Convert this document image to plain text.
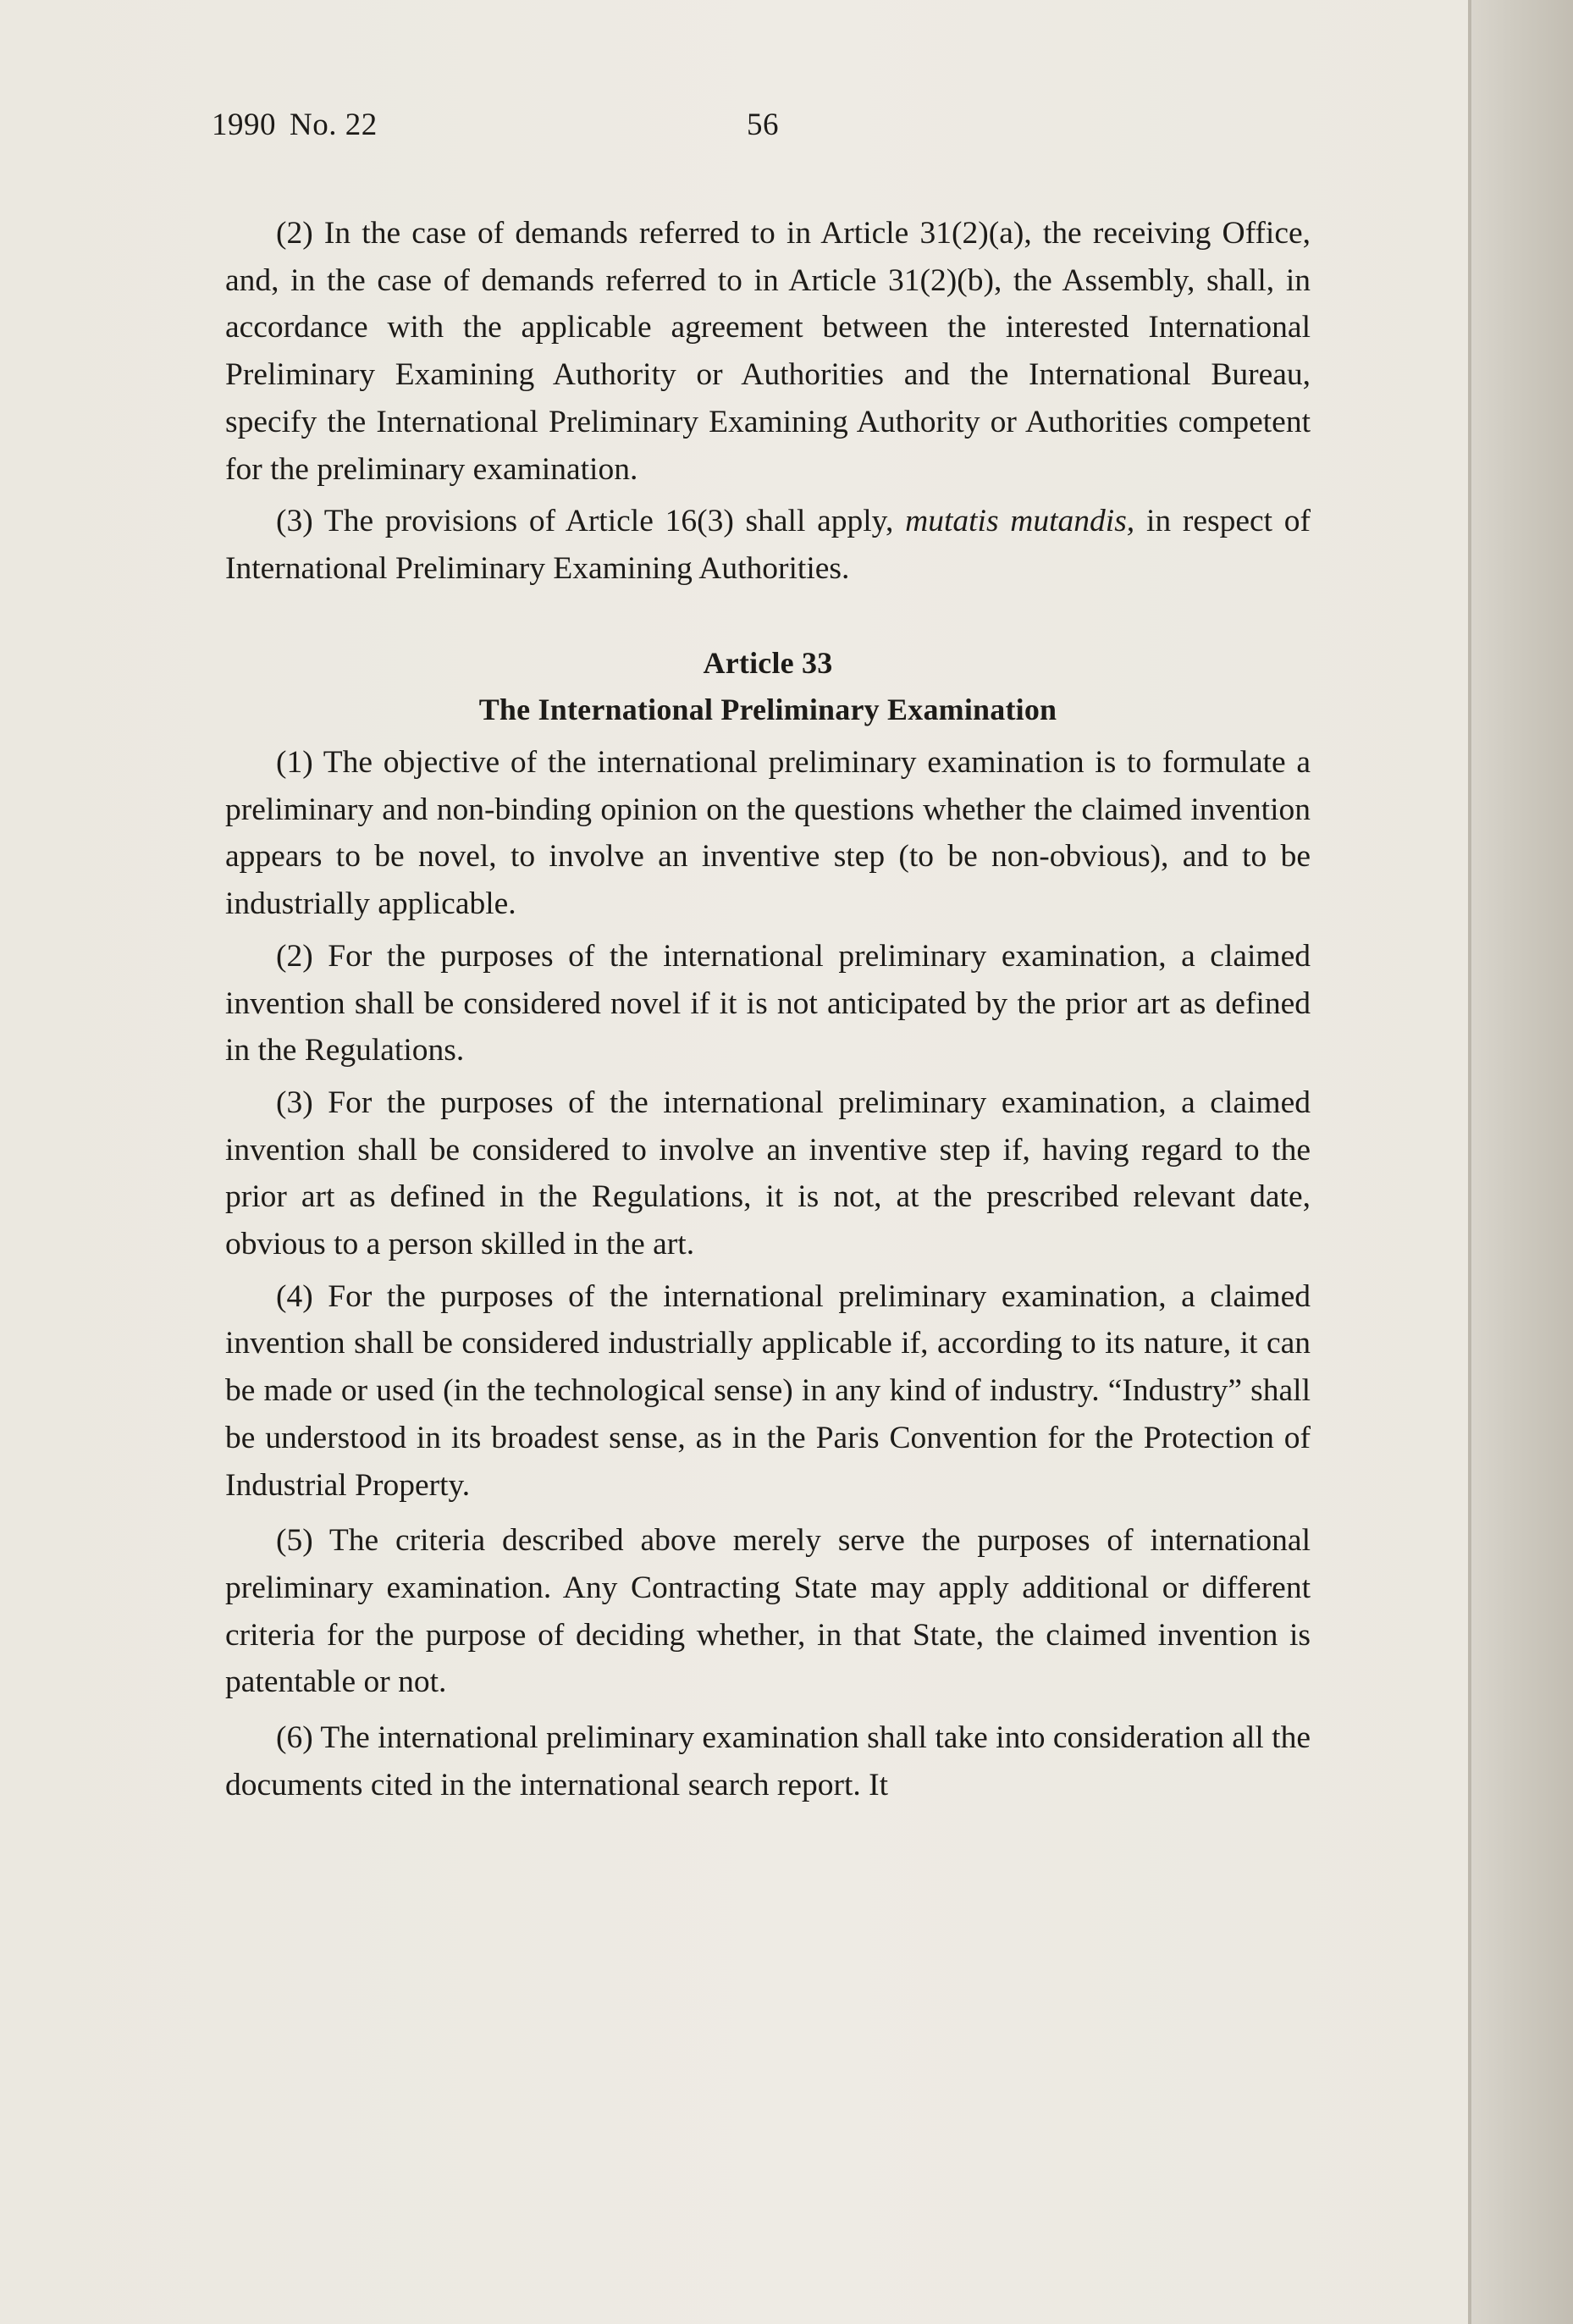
1990 No. 22	56

(2) In the case of demands referred to in Article 31(2)(a), the receiving Office, and, in the case of demands referred to in Article 31(2)(b), the Assembly, shall, in accordance with the applicable agreement between the interested International Preliminary Examining Authority or Authorities and the International Bureau, specify the International Preliminary Examining Authority or Authorities competent for the preliminary examination.

(3) The provisions of Article 16(3) shall apply, mutatis mutandis, in respect of International Preliminary Examining Authorities.

Article 33
The International Preliminary Examination

(1) The objective of the international preliminary examination is to formulate a preliminary and non-binding opinion on the questions whether the claimed invention appears to be novel, to involve an inventive step (to be non-obvious), and to be industrially applicable.

(2) For the purposes of the international preliminary examination, a claimed invention shall be considered novel if it is not anticipated by the prior art as defined in the Regulations.

(3) For the purposes of the international preliminary examination, a claimed invention shall be considered to involve an inventive step if, having regard to the prior art as defined in the Regulations, it is not, at the prescribed relevant date, obvious to a person skilled in the art.

(4) For the purposes of the international preliminary examination, a claimed invention shall be considered industrially applicable if, according to its nature, it can be made or used (in the technological sense) in any kind of industry. “Industry” shall be understood in its broadest sense, as in the Paris Convention for the Protection of Industrial Property.

(5) The criteria described above merely serve the purposes of international preliminary examination. Any Contracting State may apply additional or different criteria for the purpose of deciding whether, in that State, the claimed invention is patentable or not.

(6) The international preliminary examination shall take into consideration all the documents cited in the international search report. It
